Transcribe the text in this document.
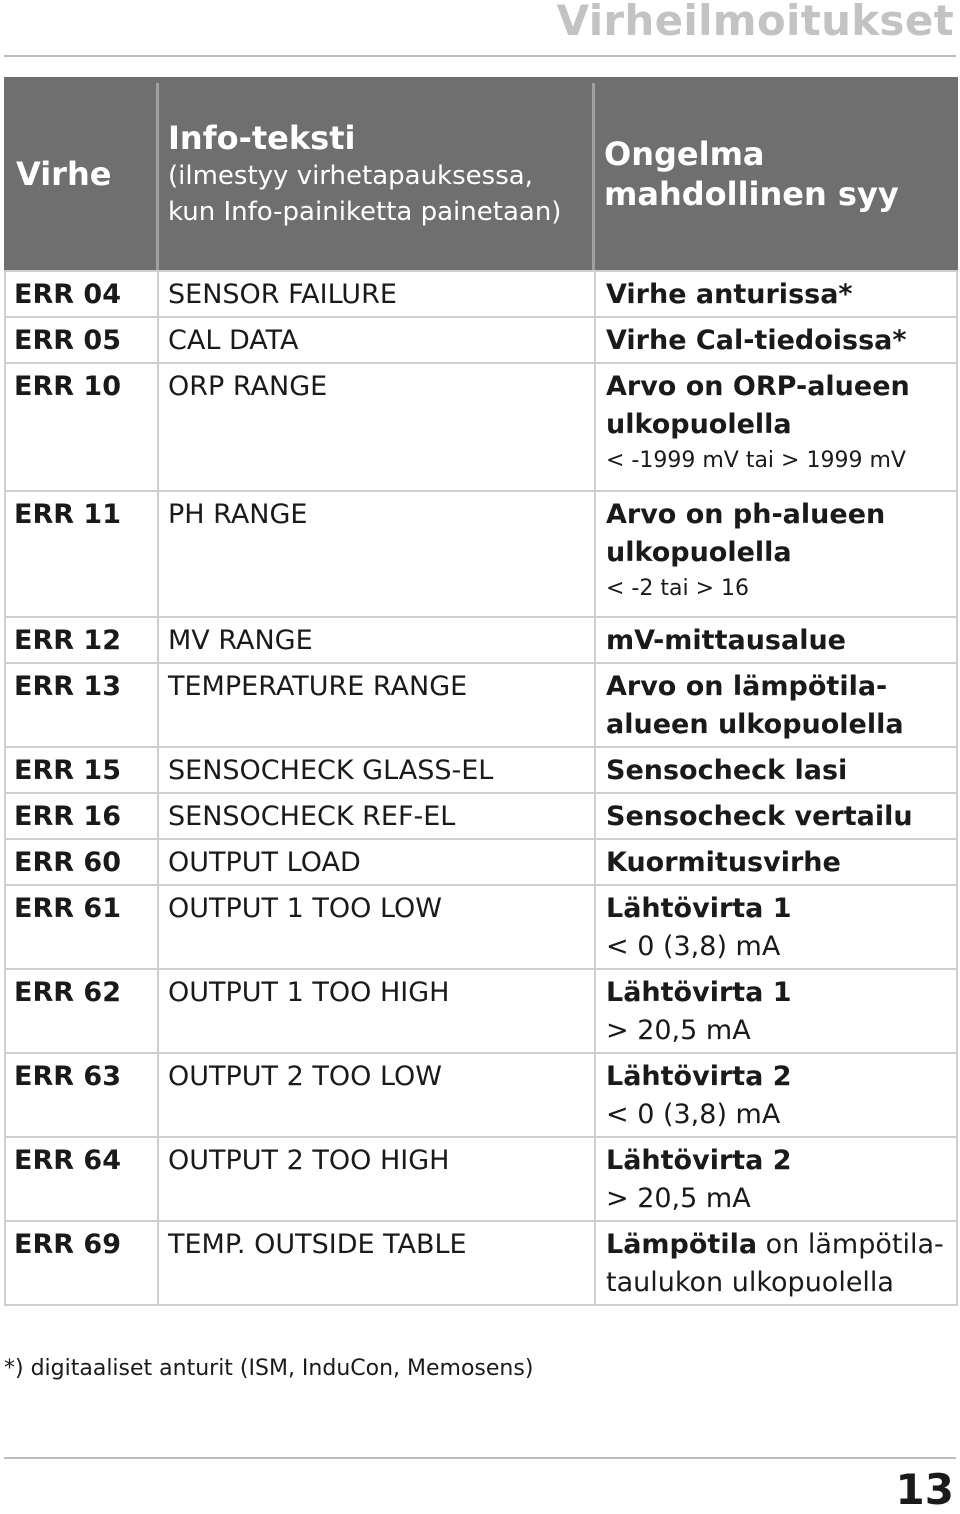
Virheilmoitukset
Virhe
Info-teksti
(ilmestyy virhetapauksessa,
kun Info-painiketta painetaan)
Ongelma
mahdollinen syy
ERR 04 SENSOR FAILURE	Virhe anturissa*
ERR 05 CAL DATA	Virhe Cal-tiedoissa*
ERR 10 ORP RANGE	Arvo on ORP-alueen
ulkopuolella
< -1999 mV tai > 1999 mV
ERR 11 PH RANGE	Arvo on ph-alueen
ulkopuolella
< -2 tai > 16
ERR 12 MV RANGE	mV-mittausalue
ERR 13 TEMPERATURE RANGE	Arvo on lämpötila-
alueen ulkopuolella
ERR 15 SENSOCHECK GLASS-EL	Sensocheck lasi
ERR 16 SENSOCHECK REF-EL	Sensocheck vertailu
ERR 60 OUTPUT LOAD	Kuormitusvirhe
ERR 61 OUTPUT 1 TOO LOW	Lähtövirta 1
< 0 (3,8) mA
ERR 62 OUTPUT 1 TOO HIGH	Lähtövirta 1
> 20,5 mA
ERR 63 OUTPUT 2 TOO LOW	Lähtövirta 2
< 0 (3,8) mA
ERR 64 OUTPUT 2 TOO HIGH	Lähtövirta 2
> 20,5 mA
ERR 69 TEMP. OUTSIDE TABLE	Lämpötila on lämpötila-
taulukon ulkopuolella
*) digitaaliset anturit (ISM, InduCon, Memosens)
13
